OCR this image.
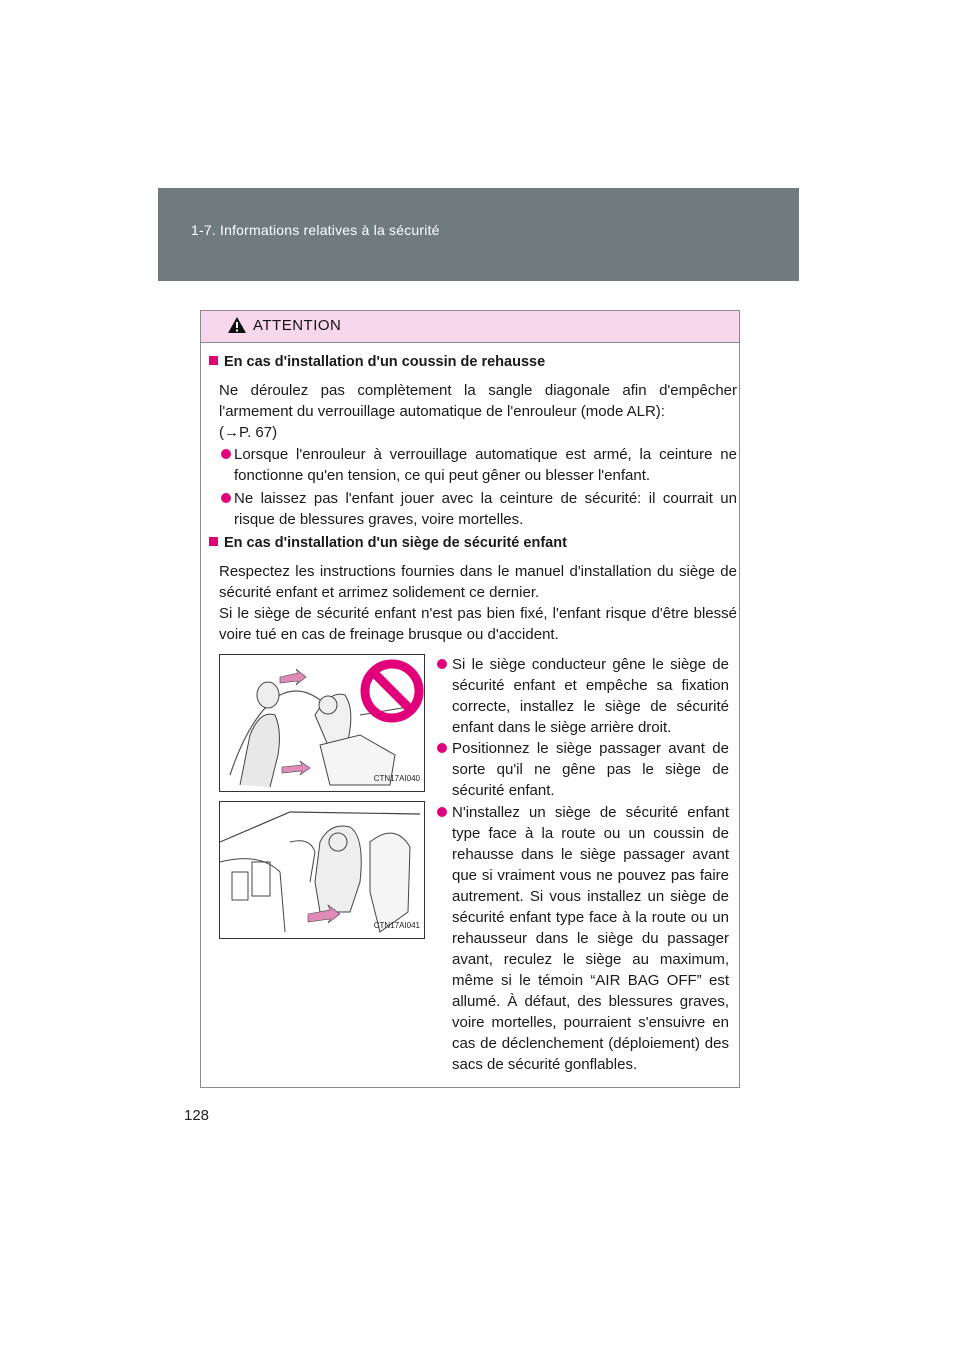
1-7. Informations relatives à la sécurité
ATTENTION
En cas d'installation d'un coussin de rehausse
Ne déroulez pas complètement la sangle diagonale afin d'empêcher l'armement du verrouillage automatique de l'enrouleur (mode ALR):
(→P. 67)
Lorsque l'enrouleur à verrouillage automatique est armé, la ceinture ne fonctionne qu'en tension, ce qui peut gêner ou blesser l'enfant.
Ne laissez pas l'enfant jouer avec la ceinture de sécurité: il courrait un risque de blessures graves, voire mortelles.
En cas d'installation d'un siège de sécurité enfant
Respectez les instructions fournies dans le manuel d'installation du siège de sécurité enfant et arrimez solidement ce dernier.
Si le siège de sécurité enfant n'est pas bien fixé, l'enfant risque d'être blessé voire tué en cas de freinage brusque ou d'accident.
CTN17AI040
CTN17AI041
Si le siège conducteur gêne le siège de sécurité enfant et empêche sa fixation correcte, installez le siège de sécurité enfant dans le siège arrière droit.
Positionnez le siège passager avant de sorte qu'il ne gêne pas le siège de sécurité enfant.
N'installez un siège de sécurité enfant type face à la route ou un coussin de rehausse dans le siège passager avant que si vraiment vous ne pouvez pas faire autrement. Si vous installez un siège de sécurité enfant type face à la route ou un rehausseur dans le siège du passager avant, reculez le siège au maximum, même si le témoin “AIR BAG OFF” est allumé. À défaut, des blessures graves, voire mortelles, pourraient s'ensuivre en cas de déclenchement (déploiement) des sacs de sécurité gonflables.
128
